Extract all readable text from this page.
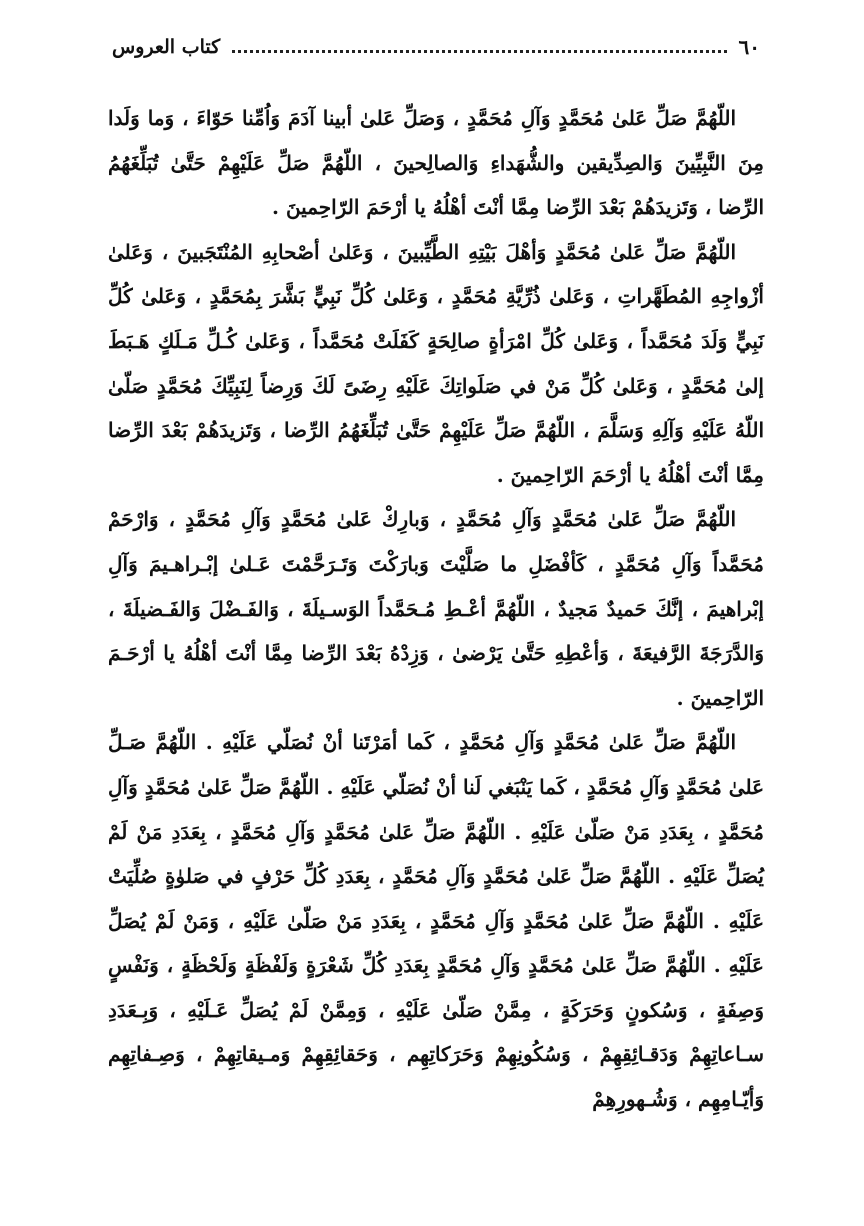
٦٠
كتاب العروس

اللّهُمَّ صَلِّ عَلىٰ مُحَمَّدٍ وَآلِ مُحَمَّدٍ ، وَصَلِّ عَلىٰ أبينا آدَمَ وَاُمِّنا حَوّاءَ ، وَما وَلَدا مِنَ النَّبِيِّينَ وَالصِدِّيقين والشُّهَداءِ وَالصالِحينَ ، اللّهُمَّ صَلِّ عَلَيْهِمْ حَتَّىٰ تُبَلِّغَهُمُ الرِّضا ، وَتَزيدَهُمْ بَعْدَ الرِّضا مِمَّا أنْتَ أهْلُهُ يا أرْحَمَ الرّاحِمينَ .

اللّهُمَّ صَلِّ عَلىٰ مُحَمَّدٍ وَأهْلَ بَيْتِهِ الطَّيِّبينَ ، وَعَلىٰ أصْحابِهِ المُنْتَجَبينَ ، وَعَلىٰ أزْواجِهِ المُطَهَّراتِ ، وَعَلىٰ ذُرِّيَّةِ مُحَمَّدٍ ، وَعَلىٰ كُلِّ نَبِيٍّ بَشَّرَ بِمُحَمَّدٍ ، وَعَلىٰ كُلِّ نَبِيٍّ وَلَدَ مُحَمَّداً ، وَعَلىٰ كُلِّ امْرَأةٍ صالِحَةٍ كَفَلَتْ مُحَمَّداً ، وَعَلىٰ كُـلِّ مَـلَكٍ هَـبَطَ إلىٰ مُحَمَّدٍ ، وَعَلىٰ كُلِّ مَنْ في صَلَواتِكَ عَلَيْهِ رِضَىً لَكَ وَرِضاً لِنَبِيِّكَ مُحَمَّدٍ صَلّىٰ اللّهُ عَلَيْهِ وَآلِهِ وَسَلَّمَ ، اللّهُمَّ صَلِّ عَلَيْهِمْ حَتَّىٰ تُبَلِّغَهُمُ الرِّضا ، وَتَزيدَهُمْ بَعْدَ الرِّضا مِمَّا أنْتَ أهْلُهُ يا أرْحَمَ الرّاحِمينَ .

اللّهُمَّ صَلِّ عَلىٰ مُحَمَّدٍ وَآلِ مُحَمَّدٍ ، وَبارِكْ عَلىٰ مُحَمَّدٍ وَآلِ مُحَمَّدٍ ، وَارْحَمْ مُحَمَّداً وَآلِ مُحَمَّدٍ ، كَأفْضَلِ ما صَلَّيْتَ وَبارَكْتَ وَتَـرَحَّمْتَ عَـلىٰ إبْـراهـيمَ وَآلِ إبْراهيمَ ، إنَّكَ حَميدٌ مَجيدٌ ، اللّهُمَّ أعْـطِ مُـحَمَّداً الوَسـيلَةَ ، وَالفَـضْلَ وَالفَـضيلَةَ ، وَالدَّرَجَةَ الرَّفيعَةَ ، وَأعْطِهِ حَتَّىٰ يَرْضىٰ ، وَزِدْهُ بَعْدَ الرِّضا مِمَّا أنْتَ أهْلُهُ يا أرْحَـمَ الرّاحِمينَ .

اللّهُمَّ صَلِّ عَلىٰ مُحَمَّدٍ وَآلِ مُحَمَّدٍ ، كَما أمَرْتَنا أنْ نُصَلّي عَلَيْهِ . اللّهُمَّ صَـلِّ عَلىٰ مُحَمَّدٍ وَآلِ مُحَمَّدٍ ، كَما يَنْبَغي لَنا أنْ نُصَلّي عَلَيْهِ . اللّهُمَّ صَلِّ عَلىٰ مُحَمَّدٍ وَآلِ مُحَمَّدٍ ، بِعَدَدِ مَنْ صَلّىٰ عَلَيْهِ . اللّهُمَّ صَلِّ عَلىٰ مُحَمَّدٍ وَآلِ مُحَمَّدٍ ، بِعَدَدِ مَنْ لَمْ يُصَلِّ عَلَيْهِ . اللّهُمَّ صَلِّ عَلىٰ مُحَمَّدٍ وَآلِ مُحَمَّدٍ ، بِعَدَدِ كُلِّ حَرْفٍ في صَلوٰةٍ صُلِّيَتْ عَلَيْهِ . اللّهُمَّ صَلِّ عَلىٰ مُحَمَّدٍ وَآلِ مُحَمَّدٍ ، بِعَدَدِ مَنْ صَلّىٰ عَلَيْهِ ، وَمَنْ لَمْ يُصَلِّ عَلَيْهِ . اللّهُمَّ صَلِّ عَلىٰ مُحَمَّدٍ وَآلِ مُحَمَّدٍ بِعَدَدِ كُلِّ شَعْرَةٍ وَلَفْظَةٍ وَلَحْظَةٍ ، وَنَفْسٍ وَصِفَةٍ ، وَسُكونٍ وَحَرَكَةٍ ، مِمَّنْ صَلّىٰ عَلَيْهِ ، وَمِمَّنْ لَمْ يُصَلِّ عَـلَيْهِ ، وَبِـعَدَدِ سـاعاتِهِمْ وَدَقـائِقِهِمْ ، وَسُكُونِهِمْ وَحَرَكاتِهِم ، وَحَقائِقِهِمْ وَمـيقاتِهِمْ ، وَصِـفاتِهِم وَأيّـامِهِم ، وَشُـهورِهِمْ
